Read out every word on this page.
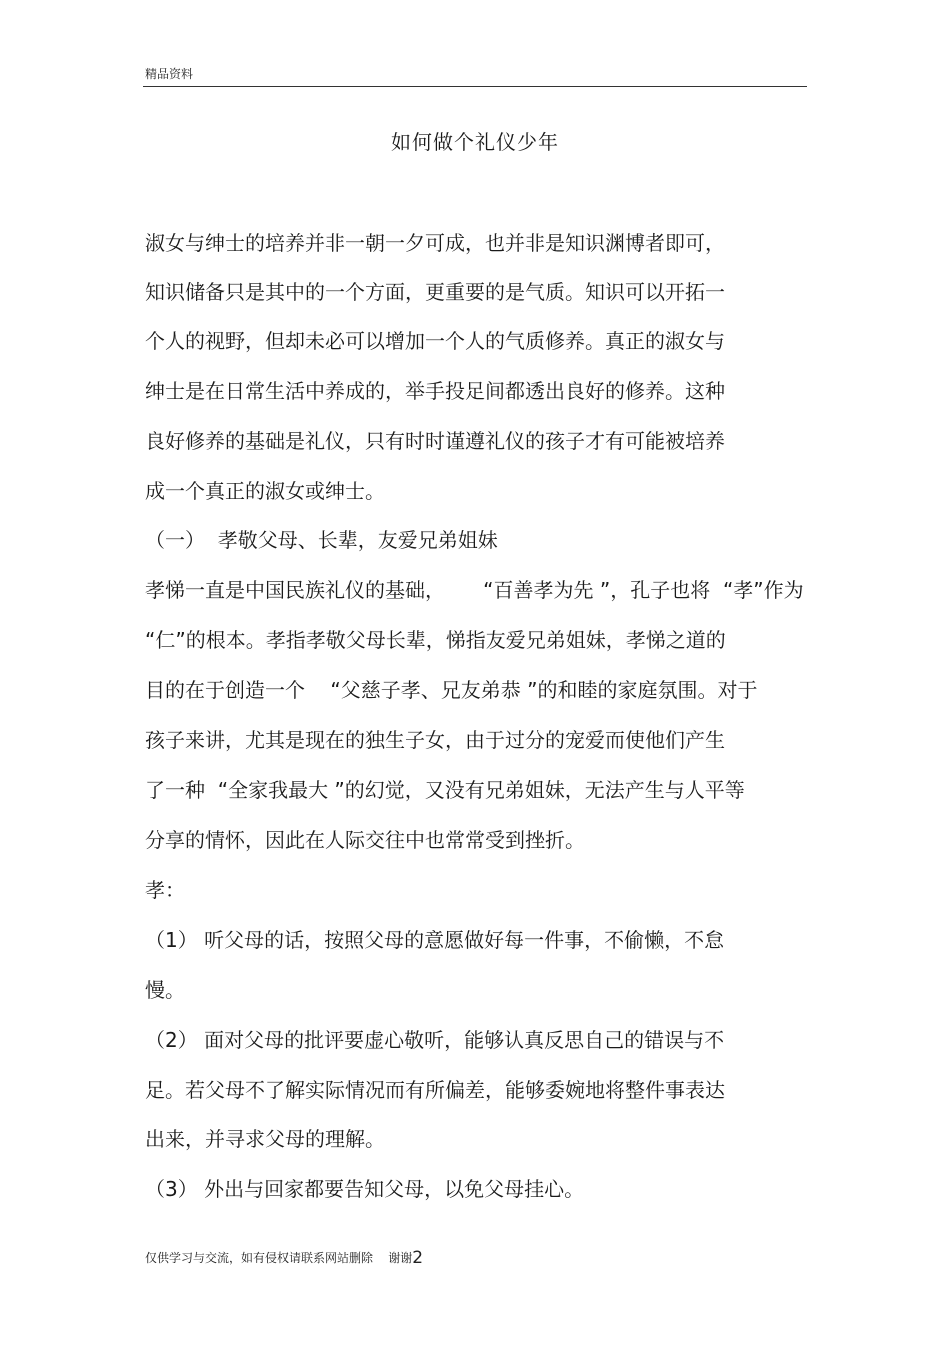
精品资料
如何做个礼仪少年
淑女与绅士的培养并非一朝一夕可成，也并非是知识渊博者即可，
知识储备只是其中的一个方面，更重要的是气质。知识可以开拓一
个人的视野，但却未必可以增加一个人的气质修养。真正的淑女与
绅士是在日常生活中养成的，举手投足间都透出良好的修养。这种
良好修养的基础是礼仪，只有时时谨遵礼仪的孩子才有可能被培养
成一个真正的淑女或绅士。
（一）  孝敬父母、长辈，友爱兄弟姐妹
孝悌一直是中国民族礼仪的基础，      “百善孝为先 ”，孔子也将  “孝”作为
“仁”的根本。孝指孝敬父母长辈，悌指友爱兄弟姐妹，孝悌之道的
目的在于创造一个    “父慈子孝、兄友弟恭 ”的和睦的家庭氛围。对于
孩子来讲，尤其是现在的独生子女，由于过分的宠爱而使他们产生
了一种  “全家我最大 ”的幻觉，又没有兄弟姐妹，无法产生与人平等
分享的情怀，因此在人际交往中也常常受到挫折。
孝：
（1） 听父母的话，按照父母的意愿做好每一件事，不偷懒，不怠
慢。
（2） 面对父母的批评要虚心敬听，能够认真反思自己的错误与不
足。若父母不了解实际情况而有所偏差，能够委婉地将整件事表达
出来，并寻求父母的理解。
（3） 外出与回家都要告知父母，以免父母挂心。
仅供学习与交流，如有侵权请联系网站删除    谢谢2
